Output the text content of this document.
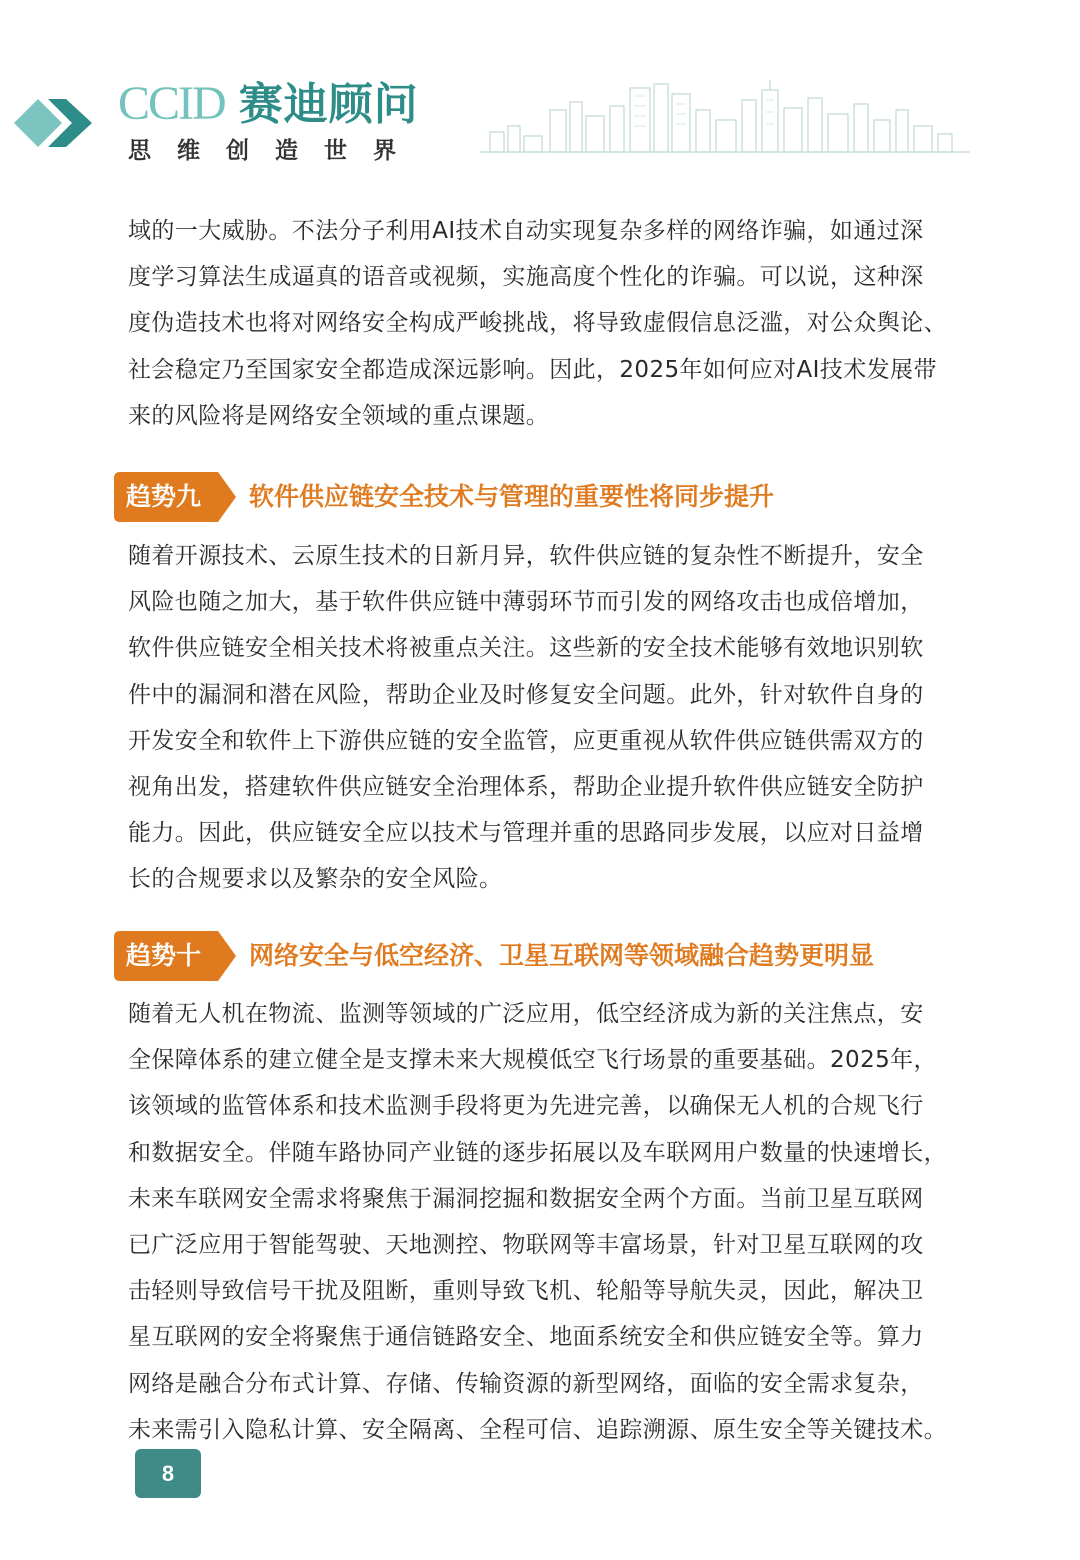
CCID 赛迪顾问
思维创造世界
域的一大威胁。不法分子利用AI技术自动实现复杂多样的网络诈骗，如通过深
度学习算法生成逼真的语音或视频，实施高度个性化的诈骗。可以说，这种深
度伪造技术也将对网络安全构成严峻挑战，将导致虚假信息泛滥，对公众舆论、
社会稳定乃至国家安全都造成深远影响。因此，2025年如何应对AI技术发展带
来的风险将是网络安全领域的重点课题。
趋势九 软件供应链安全技术与管理的重要性将同步提升
随着开源技术、云原生技术的日新月异，软件供应链的复杂性不断提升，安全
风险也随之加大，基于软件供应链中薄弱环节而引发的网络攻击也成倍增加，
软件供应链安全相关技术将被重点关注。这些新的安全技术能够有效地识别软
件中的漏洞和潜在风险，帮助企业及时修复安全问题。此外，针对软件自身的
开发安全和软件上下游供应链的安全监管，应更重视从软件供应链供需双方的
视角出发，搭建软件供应链安全治理体系，帮助企业提升软件供应链安全防护
能力。因此，供应链安全应以技术与管理并重的思路同步发展，以应对日益增
长的合规要求以及繁杂的安全风险。
趋势十 网络安全与低空经济、卫星互联网等领域融合趋势更明显
随着无人机在物流、监测等领域的广泛应用，低空经济成为新的关注焦点，安
全保障体系的建立健全是支撑未来大规模低空飞行场景的重要基础。2025年，
该领域的监管体系和技术监测手段将更为先进完善，以确保无人机的合规飞行
和数据安全。伴随车路协同产业链的逐步拓展以及车联网用户数量的快速增长，
未来车联网安全需求将聚焦于漏洞挖掘和数据安全两个方面。当前卫星互联网
已广泛应用于智能驾驶、天地测控、物联网等丰富场景，针对卫星互联网的攻
击轻则导致信号干扰及阻断，重则导致飞机、轮船等导航失灵，因此，解决卫
星互联网的安全将聚焦于通信链路安全、地面系统安全和供应链安全等。算力
网络是融合分布式计算、存储、传输资源的新型网络，面临的安全需求复杂，
未来需引入隐私计算、安全隔离、全程可信、追踪溯源、原生安全等关键技术。
8
